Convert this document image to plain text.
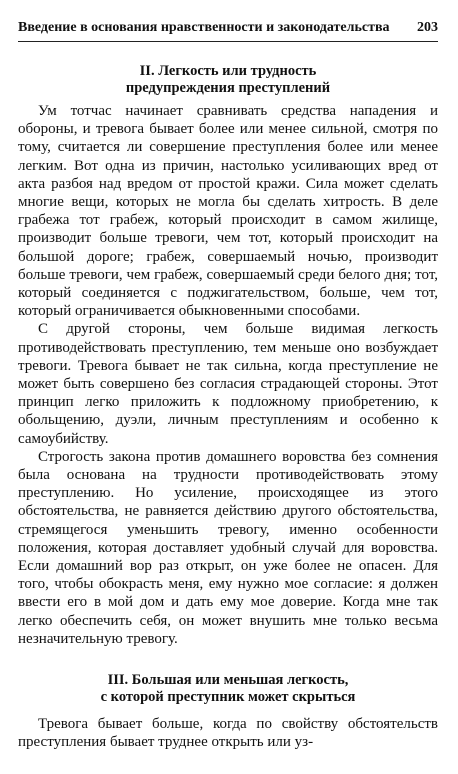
Введение в основания нравственности и законодательства 203
II. Легкость или трудность
предупреждения преступлений

Ум тотчас начинает сравнивать средства нападения и обороны, и тревога бывает более или менее сильной, смотря по тому, считается ли совершение преступления более или менее легким. Вот одна из причин, настолько усиливающих вред от акта разбоя над вредом от простой кражи. Сила может сделать многие вещи, которых не могла бы сделать хитрость. В деле грабежа тот грабеж, который происходит в самом жилище, производит больше тревоги, чем тот, который происходит на большой дороге; грабеж, совершаемый ночью, производит больше тревоги, чем грабеж, совершаемый среди белого дня; тот, который соединяется с поджигательством, больше, чем тот, который ограничивается обыкновенными способами.

С другой стороны, чем больше видимая легкость противодействовать преступлению, тем меньше оно возбуждает тревоги. Тревога бывает не так сильна, когда преступление не может быть совершено без согласия страдающей стороны. Этот принцип легко приложить к подложному приобретению, к обольщению, дуэли, личным преступлениям и особенно к самоубийству.

Строгость закона против домашнего воровства без сомнения была основана на трудности противодействовать этому преступлению. Но усиление, происходящее из этого обстоятельства, не равняется действию другого обстоятельства, стремящегося уменьшить тревогу, именно особенности положения, которая доставляет удобный случай для воровства. Если домашний вор раз открыт, он уже более не опасен. Для того, чтобы обокрасть меня, ему нужно мое согласие: я должен ввести его в мой дом и дать ему мое доверие. Когда мне так легко обеспечить себя, он может внушить мне только весьма незначительную тревогу.

III. Большая или меньшая легкость,
с которой преступник может скрыться

Тревога бывает больше, когда по свойству обстоятельств преступления бывает труднее открыть или уз-
